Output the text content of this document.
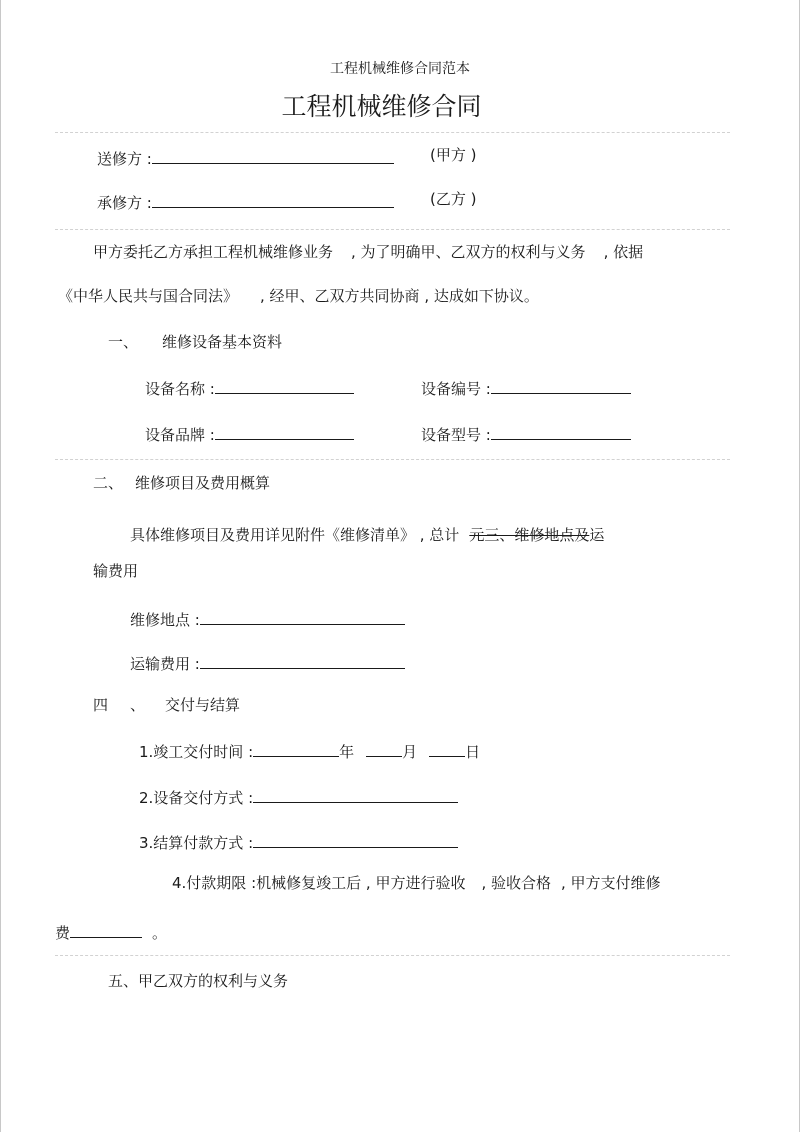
工程机械维修合同范本
工程机械维修合同
送修方 :	(甲方 )
承修方 :	(乙方 )
甲方委托乙方承担工程机械维修业务 , 为了明确甲、乙双方的权利与义务 , 依据
《中华人民共与国合同法》 , 经甲、乙双方共同协商 , 达成如下协议。
一、 维修设备基本资料
设备名称 :	设备编号 :
设备品牌 :	设备型号 :
二、 维修项目及费用概算
具体维修项目及费用详见附件《维修清单》 , 总计 元三、维修地点及运
输费用
维修地点 :
运输费用 :
四 、 交付与结算
1.竣工交付时间 :	年	月	日
2.设备交付方式 :
3.结算付款方式 :
4.付款期限 :机械修复竣工后 , 甲方进行验收 , 验收合格 , 甲方支付维修
费	。
五、甲乙双方的权利与义务
